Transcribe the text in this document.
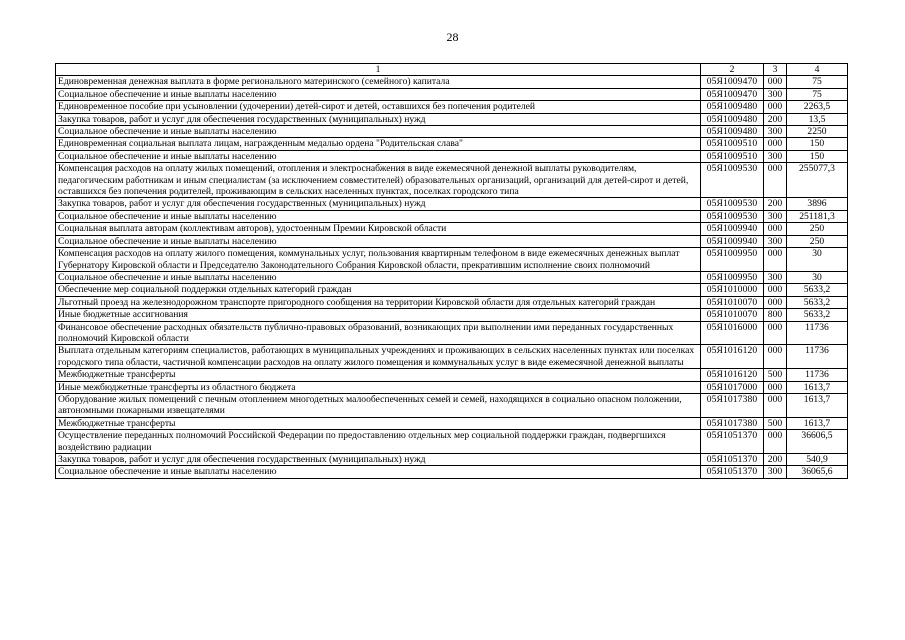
28
1	2	3	4
Единовременная денежная выплата в форме регионального материнского (семейного) капитала	05Я1009470	000	75
Социальное обеспечение и иные выплаты населению	05Я1009470	300	75
Единовременное пособие при усыновлении (удочерении) детей-сирот и детей, оставшихся без попечения родителей	05Я1009480	000	2263,5
Закупка товаров, работ и услуг для обеспечения государственных (муниципальных) нужд	05Я1009480	200	13,5
Социальное обеспечение и иные выплаты населению	05Я1009480	300	2250
Единовременная социальная выплата лицам, награжденным медалью ордена "Родительская слава"	05Я1009510	000	150
Социальное обеспечение и иные выплаты населению	05Я1009510	300	150
Компенсация расходов на оплату жилых помещений, отопления и электроснабжения в виде ежемесячной денежной выплаты руководителям, педагогическим работникам и иным специалистам (за исключением совместителей) образовательных организаций, организаций для детей-сирот и детей, оставшихся без попечения родителей, проживающим в сельских населенных пунктах, поселках городского типа	05Я1009530	000	255077,3
Закупка товаров, работ и услуг для обеспечения государственных (муниципальных) нужд	05Я1009530	200	3896
Социальное обеспечение и иные выплаты населению	05Я1009530	300	251181,3
Социальная выплата авторам (коллективам авторов), удостоенным Премии Кировской области	05Я1009940	000	250
Социальное обеспечение и иные выплаты населению	05Я1009940	300	250
Компенсация расходов на оплату жилого помещения, коммунальных услуг, пользования квартирным телефоном в виде ежемесячных денежных выплат Губернатору Кировской области и Председателю Законодательного Собрания Кировской области, прекратившим исполнение своих полномочий	05Я1009950	000	30
Социальное обеспечение и иные выплаты населению	05Я1009950	300	30
Обеспечение мер социальной поддержки отдельных категорий граждан	05Я1010000	000	5633,2
Льготный проезд на железнодорожном транспорте пригородного сообщения на территории Кировской области для отдельных категорий граждан	05Я1010070	000	5633,2
Иные бюджетные ассигнования	05Я1010070	800	5633,2
Финансовое обеспечение расходных обязательств публично-правовых образований, возникающих при выполнении ими переданных государственных полномочий Кировской области	05Я1016000	000	11736
Выплата отдельным категориям специалистов, работающих в муниципальных учреждениях и проживающих в сельских населенных пунктах или поселках городского типа области, частичной компенсации расходов на оплату жилого помещения и коммунальных услуг в виде ежемесячной денежной выплаты	05Я1016120	000	11736
Межбюджетные трансферты	05Я1016120	500	11736
Иные межбюджетные трансферты из областного бюджета	05Я1017000	000	1613,7
Оборудование жилых помещений с печным отоплением многодетных малообеспеченных семей и семей, находящихся в социально опасном положении, автономными пожарными извещателями	05Я1017380	000	1613,7
Межбюджетные трансферты	05Я1017380	500	1613,7
Осуществление переданных полномочий Российской Федерации по предоставлению отдельных мер социальной поддержки граждан, подвергшихся воздействию радиации	05Я1051370	000	36606,5
Закупка товаров, работ и услуг для обеспечения государственных (муниципальных) нужд	05Я1051370	200	540,9
Социальное обеспечение и иные выплаты населению	05Я1051370	300	36065,6
